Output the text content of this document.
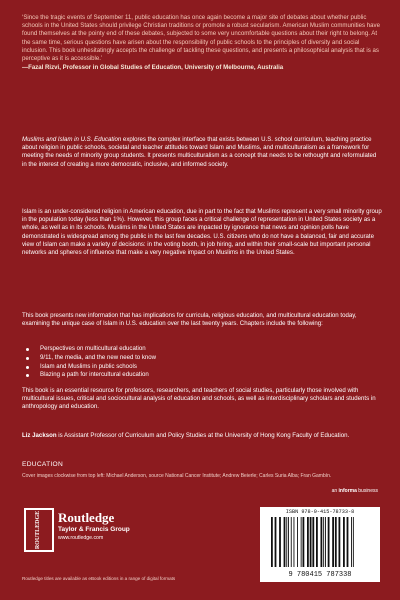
‘Since the tragic events of September 11, public education has once again become a major site of debates about whether public schools in the United States should privilege Christian traditions or promote a robust secularism. American Muslim communities have found themselves at the pointy end of these debates, subjected to some very uncomfortable questions about their right to belong. At the same time, serious questions have arisen about the responsibility of public schools to the principles of diversity and social inclusion. This book unhesitatingly accepts the challenge of tackling these questions, and presents a philosophical analysis that is as perceptive as it is accessible.’
—Fazal Rizvi, Professor in Global Studies of Education, University of Melbourne, Australia
Muslims and Islam in U.S. Education explores the complex interface that exists between U.S. school curriculum, teaching practice about religion in public schools, societal and teacher attitudes toward Islam and Muslims, and multiculturalism as a framework for meeting the needs of minority group students. It presents multiculturalism as a concept that needs to be rethought and reformulated in the interest of creating a more democratic, inclusive, and informed society.
Islam is an under-considered religion in American education, due in part to the fact that Muslims represent a very small minority group in the population today (less than 1%). However, this group faces a critical challenge of representation in United States society as a whole, as well as in its schools. Muslims in the United States are impacted by ignorance that news and opinion polls have demonstrated is widespread among the public in the last few decades. U.S. citizens who do not have a balanced, fair and accurate view of Islam can make a variety of decisions: in the voting booth, in job hiring, and within their small-scale but important personal networks and spheres of influence that make a very negative impact on Muslims in the United States.
This book presents new information that has implications for curricula, religious education, and multicultural education today, examining the unique case of Islam in U.S. education over the last twenty years. Chapters include the following:
Perspectives on multicultural education
9/11, the media, and the new need to know
Islam and Muslims in public schools
Blazing a path for intercultural education
This book is an essential resource for professors, researchers, and teachers of social studies, particularly those involved with multicultural issues, critical and sociocultural analysis of education and schools, as well as interdisciplinary scholars and students in anthropology and education.
Liz Jackson is Assistant Professor of Curriculum and Policy Studies at the University of Hong Kong Faculty of Education.
EDUCATION
Cover images clockwise from top left: Michael Anderson, source National Cancer Institute; Andrew Beierle; Carles Suria Alba; Fran Gambín.
an informa business
ROUTLEDGE Routledge
Taylor & Francis Group
www.routledge.com
Routledge titles are available as eBook editions in a range of digital formats
ISBN 978-0-415-78733-8
9 780415 787338
